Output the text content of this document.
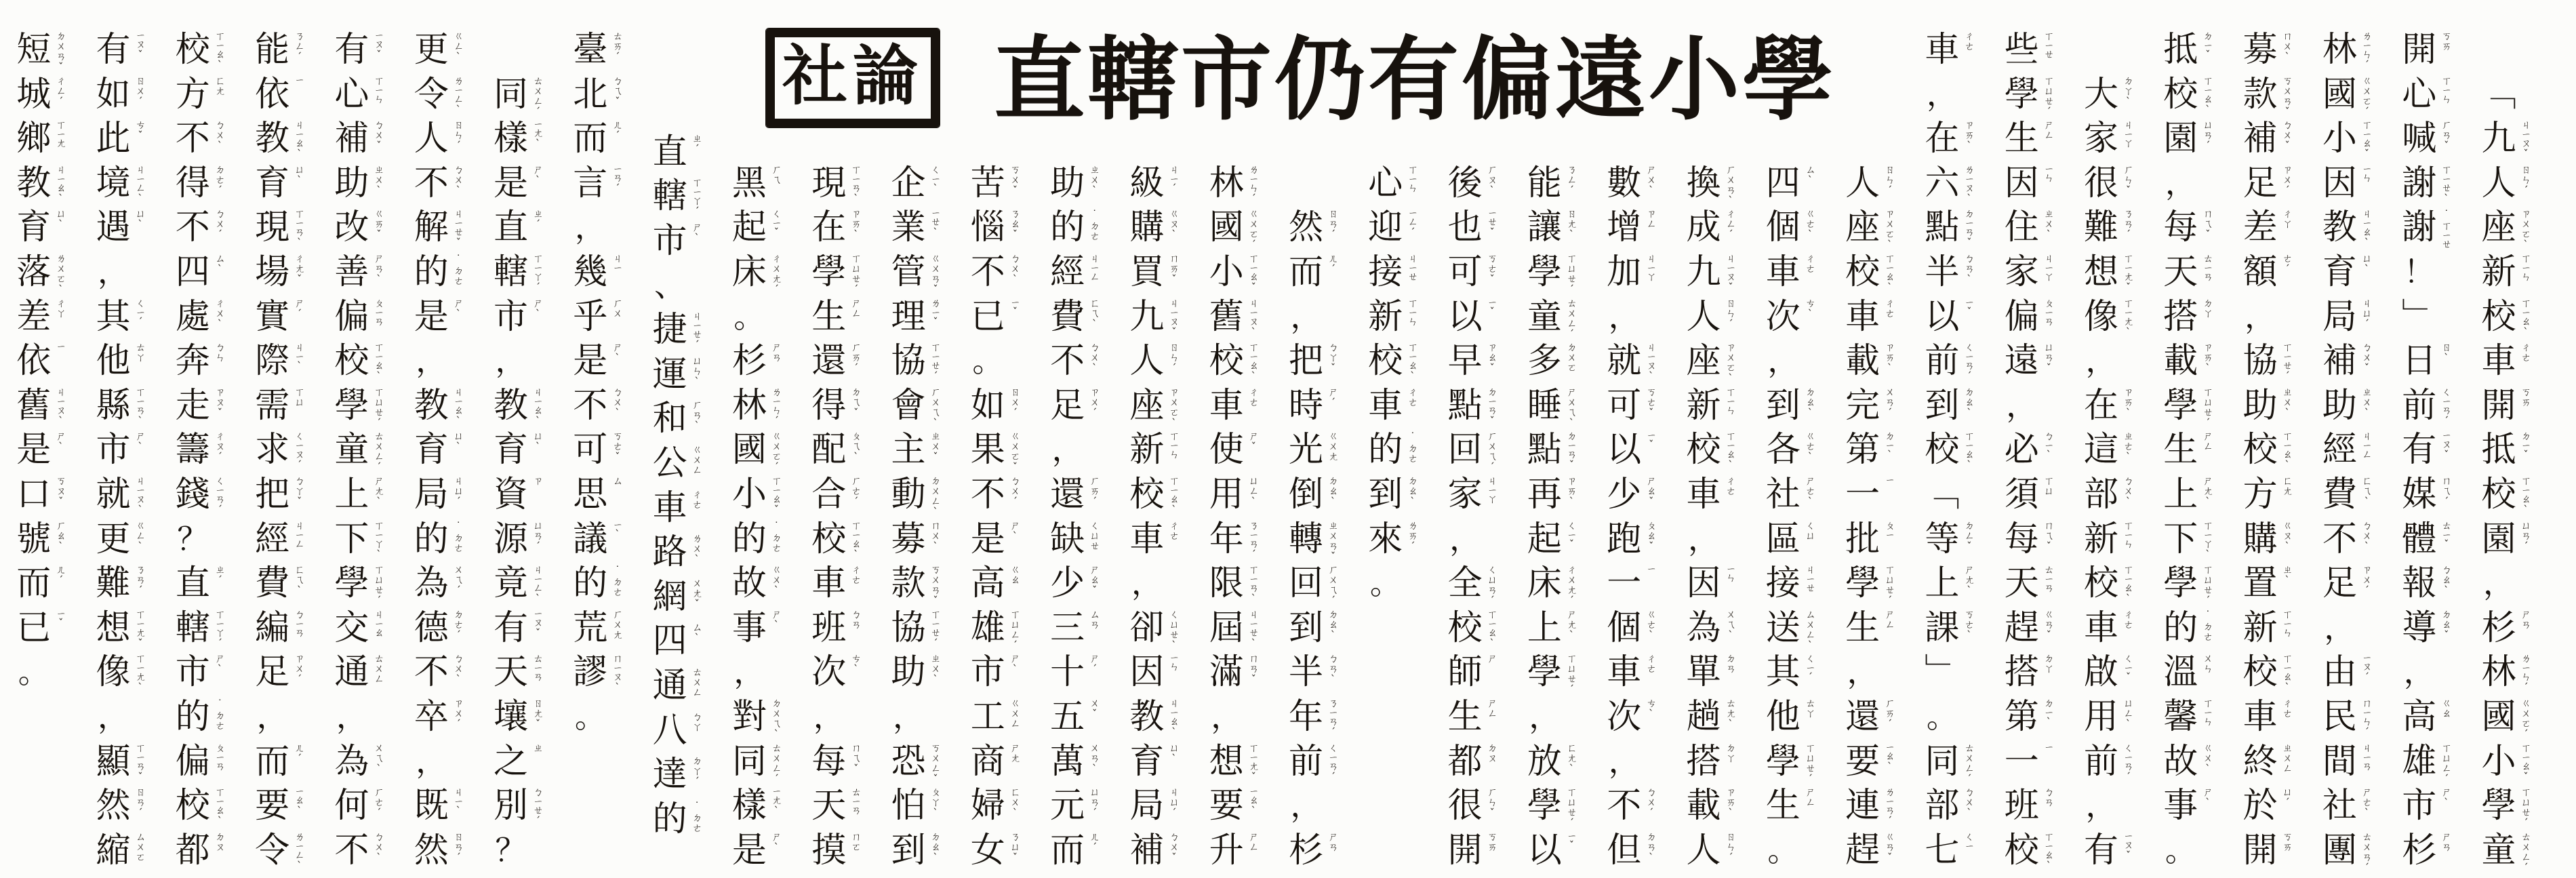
社論 直轄市仍有偏遠小學	﹁
九 ㄐㄧㄡˇ
人 ㄖㄣˊ
座 ㄗㄨㄛˋ
新 ㄒㄧㄣ
校 ㄒㄧㄠˋ
車 ㄔㄜ
開 ㄎㄞ
抵 ㄉㄧˇ
校 ㄒㄧㄠˋ
園 ㄩㄢˊ
，
杉 ㄕㄢ
林 ㄌㄧㄣˊ
國 ㄍㄨㄛˊ
小 ㄒㄧㄠˇ
學 ㄒㄩㄝˊ
童 ㄊㄨㄥˊ
開 ㄎㄞ
心 ㄒㄧㄣ
喊 ㄏㄢˇ
謝 ㄒㄧㄝˋ
謝 ˙ㄒㄧㄝ
！
﹂
日 ㄖˋ
前 ㄑㄧㄢˊ
有 ㄧㄡˇ
媒 ㄇㄟˊ
體 ㄊㄧˇ
報 ㄅㄠˋ
導 ㄉㄠˇ
，
高 ㄍㄠ
雄 ㄒㄩㄥˊ
市 ㄕˋ
杉 ㄕㄢ
林 ㄌㄧㄣˊ
國 ㄍㄨㄛˊ
小 ㄒㄧㄠˇ
因 ㄧㄣ
教 ㄐㄧㄠˋ
育 ㄩˋ
局 ㄐㄩˊ
補 ㄅㄨˇ
助 ㄓㄨˋ
經 ㄐㄧㄥ
費 ㄈㄟˋ
不 ㄅㄨˋ
足 ㄗㄨˊ
，
由 ㄧㄡˊ
民 ㄇㄧㄣˊ
間 ㄐㄧㄢ
社 ㄕㄜˋ
團 ㄊㄨㄢˊ
募 ㄇㄨˋ
款 ㄎㄨㄢˇ
補 ㄅㄨˇ
足 ㄗㄨˊ
差 ㄔㄚ
額 ㄜˊ
，
協 ㄒㄧㄝˊ
助 ㄓㄨˋ
校 ㄒㄧㄠˋ
方 ㄈㄤ
購 ㄍㄡˋ
置 ㄓˋ
新 ㄒㄧㄣ
校 ㄒㄧㄠˋ
車 ㄔㄜ
終 ㄓㄨㄥ
於 ㄩˊ
開 ㄎㄞ
抵 ㄉㄧˇ
校 ㄒㄧㄠˋ
園 ㄩㄢˊ
，
每 ㄇㄟˇ
天 ㄊㄧㄢ
搭 ㄉㄚ
載 ㄗㄞˋ
學 ㄒㄩㄝˊ
生 ㄕㄥ
上 ㄕㄤˋ
下 ㄒㄧㄚˋ
學 ㄒㄩㄝˊ
的 ˙ㄉㄜ
溫 ㄨㄣ
馨 ㄒㄧㄣ
故 ㄍㄨˋ
事 ㄕˋ
。
大 ㄉㄚˋ
家 ㄐㄧㄚ
很 ㄏㄣˇ
難 ㄋㄢˊ
想 ㄒㄧㄤˇ
像 ㄒㄧㄤˋ
，
在 ㄗㄞˋ
這 ㄓㄜˋ
部 ㄅㄨˋ
新 ㄒㄧㄣ
校 ㄒㄧㄠˋ
車 ㄔㄜ
啟 ㄑㄧˇ
用 ㄩㄥˋ
前 ㄑㄧㄢˊ
，
有 ㄧㄡˇ
些 ㄒㄧㄝ
學 ㄒㄩㄝˊ
生 ㄕㄥ
因 ㄧㄣ
住 ㄓㄨˋ
家 ㄐㄧㄚ
偏 ㄆㄧㄢ
遠 ㄩㄢˇ
，
必 ㄅㄧˋ
須 ㄒㄩ
每 ㄇㄟˇ
天 ㄊㄧㄢ
趕 ㄍㄢˇ
搭 ㄉㄚ
第 ㄉㄧˋ
一 ㄧ
班 ㄅㄢ
校 ㄒㄧㄠˋ
車 ㄔㄜ
，
在 ㄗㄞˋ
六 ㄌㄧㄡˋ
點 ㄉㄧㄢˇ
半 ㄅㄢˋ
以 ㄧˇ
前 ㄑㄧㄢˊ
到 ㄉㄠˋ
校 ㄒㄧㄠˋ
﹁
等 ㄉㄥˇ
上 ㄕㄤˋ
課 ㄎㄜˋ
﹂
。
同 ㄊㄨㄥˊ
部 ㄅㄨˋ
七 ㄑㄧ
人 ㄖㄣˊ
座 ㄗㄨㄛˋ
校 ㄒㄧㄠˋ
車 ㄔㄜ
載 ㄗㄞˋ
完 ㄨㄢˊ
第 ㄉㄧˋ
一 ㄧ
批 ㄆㄧ
學 ㄒㄩㄝˊ
生 ㄕㄥ
，
還 ㄏㄞˊ
要 ㄧㄠˋ
連 ㄌㄧㄢˊ
趕 ㄍㄢˇ
四 ㄙˋ
個 ㄍㄜˋ
車 ㄔㄜ
次 ㄘˋ
，
到 ㄉㄠˋ
各 ㄍㄜˋ
社 ㄕㄜˋ
區 ㄑㄩ
接 ㄐㄧㄝ
送 ㄙㄨㄥˋ
其 ㄑㄧˊ
他 ㄊㄚ
學 ㄒㄩㄝˊ
生 ㄕㄥ
。
換 ㄏㄨㄢˋ
成 ㄔㄥˊ
九 ㄐㄧㄡˇ
人 ㄖㄣˊ
座 ㄗㄨㄛˋ
新 ㄒㄧㄣ
校 ㄒㄧㄠˋ
車 ㄔㄜ
，
因 ㄧㄣ
為 ㄨㄟˋ
單 ㄉㄢ
趟 ㄊㄤˋ
搭 ㄉㄚ
載 ㄗㄞˋ
人 ㄖㄣˊ
數 ㄕㄨˋ
增 ㄗㄥ
加 ㄐㄧㄚ
，
就 ㄐㄧㄡˋ
可 ㄎㄜˇ
以 ㄧˇ
少 ㄕㄠˇ
跑 ㄆㄠˇ
一 ㄧ
個 ㄍㄜˋ
車 ㄔㄜ
次 ㄘˋ
，
不 ㄅㄨˊ
但 ㄉㄢˋ
能 ㄋㄥˊ
讓 ㄖㄤˋ
學 ㄒㄩㄝˊ
童 ㄊㄨㄥˊ
多 ㄉㄨㄛ
睡 ㄕㄨㄟˋ
點 ㄉㄧㄢˇ
再 ㄗㄞˋ
起 ㄑㄧˇ
床 ㄔㄨㄤˊ
上 ㄕㄤˋ
學 ㄒㄩㄝˊ
，
放 ㄈㄤˋ
學 ㄒㄩㄝˊ
以 ㄧˇ
後 ㄏㄡˋ
也 ㄧㄝˇ
可 ㄎㄜˇ
以 ㄧˇ
早 ㄗㄠˇ
點 ㄉㄧㄢˇ
回 ㄏㄨㄟˊ
家 ㄐㄧㄚ
，
全 ㄑㄩㄢˊ
校 ㄒㄧㄠˋ
師 ㄕ
生 ㄕㄥ
都 ㄉㄡ
很 ㄏㄣˇ
開 ㄎㄞ
心 ㄒㄧㄣ
迎 ㄧㄥˊ
接 ㄐㄧㄝ
新 ㄒㄧㄣ
校 ㄒㄧㄠˋ
車 ㄔㄜ
的 ˙ㄉㄜ
到 ㄉㄠˋ
來 ㄌㄞˊ
。
然 ㄖㄢˊ
而 ㄦˊ
，
把 ㄅㄚˇ
時 ㄕˊ
光 ㄍㄨㄤ
倒 ㄉㄠˋ
轉 ㄓㄨㄢˇ
回 ㄏㄨㄟˊ
到 ㄉㄠˋ
半 ㄅㄢˋ
年 ㄋㄧㄢˊ
前 ㄑㄧㄢˊ
，
杉 ㄕㄢ
林 ㄌㄧㄣˊ
國 ㄍㄨㄛˊ
小 ㄒㄧㄠˇ
舊 ㄐㄧㄡˋ
校 ㄒㄧㄠˋ
車 ㄔㄜ
使 ㄕˇ
用 ㄩㄥˋ
年 ㄋㄧㄢˊ
限 ㄒㄧㄢˋ
屆 ㄐㄧㄝˋ
滿 ㄇㄢˇ
，
想 ㄒㄧㄤˇ
要 ㄧㄠˋ
升 ㄕㄥ
級 ㄐㄧˊ
購 ㄍㄡˋ
買 ㄇㄞˇ
九 ㄐㄧㄡˇ
人 ㄖㄣˊ
座 ㄗㄨㄛˋ
新 ㄒㄧㄣ
校 ㄒㄧㄠˋ
車 ㄔㄜ
，
卻 ㄑㄩㄝˋ
因 ㄧㄣ
教 ㄐㄧㄠˋ
育 ㄩˋ
局 ㄐㄩˊ
補 ㄅㄨˇ
助 ㄓㄨˋ
的 ˙ㄉㄜ
經 ㄐㄧㄥ
費 ㄈㄟˋ
不 ㄅㄨˋ
足 ㄗㄨˊ
，
還 ㄏㄞˊ
缺 ㄑㄩㄝ
少 ㄕㄠˇ
三 ㄙㄢ
十 ㄕˊ
五 ㄨˇ
萬 ㄨㄢˋ
元 ㄩㄢˊ
而 ㄦˊ
苦 ㄎㄨˇ
惱 ㄋㄠˇ
不 ㄅㄨˋ
已 ㄧˇ
。
如 ㄖㄨˊ
果 ㄍㄨㄛˇ
不 ㄅㄨˊ
是 ㄕˋ
高 ㄍㄠ
雄 ㄒㄩㄥˊ
市 ㄕˋ
工 ㄍㄨㄥ
商 ㄕㄤ
婦 ㄈㄨˋ
女 ㄋㄩˇ
企 ㄑㄧˋ
業 ㄧㄝˋ
管 ㄍㄨㄢˇ
理 ㄌㄧˇ
協 ㄒㄧㄝˊ
會 ㄏㄨㄟˋ
主 ㄓㄨˇ
動 ㄉㄨㄥˋ
募 ㄇㄨˋ
款 ㄎㄨㄢˇ
協 ㄒㄧㄝˊ
助 ㄓㄨˋ
，
恐 ㄎㄨㄥˇ
怕 ㄆㄚˋ
到 ㄉㄠˋ
現 ㄒㄧㄢˋ
在 ㄗㄞˋ
學 ㄒㄩㄝˊ
生 ㄕㄥ
還 ㄏㄞˊ
得 ㄉㄟˇ
配 ㄆㄟˋ
合 ㄏㄜˊ
校 ㄒㄧㄠˋ
車 ㄔㄜ
班 ㄅㄢ
次 ㄘˋ
，
每 ㄇㄟˇ
天 ㄊㄧㄢ
摸 ㄇㄛ
黑 ㄏㄟ
起 ㄑㄧˇ
床 ㄔㄨㄤˊ
。
杉 ㄕㄢ
林 ㄌㄧㄣˊ
國 ㄍㄨㄛˊ
小 ㄒㄧㄠˇ
的 ˙ㄉㄜ
故 ㄍㄨˋ
事 ㄕˋ
，
對 ㄉㄨㄟˋ
同 ㄊㄨㄥˊ
樣 ㄧㄤˋ
是 ㄕˋ
直 ㄓˊ
轄 ㄒㄧㄚˊ
市 ㄕˋ
、
捷 ㄐㄧㄝˊ
運 ㄩㄣˋ
和 ㄏㄢˋ
公 ㄍㄨㄥ
車 ㄔㄜ
路 ㄌㄨˋ
網 ㄨㄤˇ
四 ㄙˋ
通 ㄊㄨㄥ
八 ㄅㄚ
達 ㄉㄚˊ
的 ˙ㄉㄜ
臺 ㄊㄞˊ
北 ㄅㄟˇ
而 ㄦˊ
言 ㄧㄢˊ
，
幾 ㄐㄧ
乎 ㄏㄨ
是 ㄕˋ
不 ㄅㄨˋ
可 ㄎㄜˇ
思 ㄙ
議 ㄧˋ
的 ˙ㄉㄜ
荒 ㄏㄨㄤ
謬 ㄇㄧㄡˋ
。
同 ㄊㄨㄥˊ
樣 ㄧㄤˋ
是 ㄕˋ
直 ㄓˊ
轄 ㄒㄧㄚˊ
市 ㄕˋ
，
教 ㄐㄧㄠˋ
育 ㄩˋ
資 ㄗ
源 ㄩㄢˊ
竟 ㄐㄧㄥˋ
有 ㄧㄡˇ
天 ㄊㄧㄢ
壤 ㄖㄤˇ
之 ㄓ
別 ㄅㄧㄝˊ
？
更 ㄍㄥˋ
令 ㄌㄧㄥˋ
人 ㄖㄣˊ
不 ㄅㄨˋ
解 ㄐㄧㄝˇ
的 ˙ㄉㄜ
是 ㄕˋ
，
教 ㄐㄧㄠˋ
育 ㄩˋ
局 ㄐㄩˊ
的 ˙ㄉㄜ
為 ㄨㄟˊ
德 ㄉㄜˊ
不 ㄅㄨˋ
卒 ㄗㄨˊ
，
既 ㄐㄧˋ
然 ㄖㄢˊ
有 ㄧㄡˇ
心 ㄒㄧㄣ
補 ㄅㄨˇ
助 ㄓㄨˋ
改 ㄍㄞˇ
善 ㄕㄢˋ
偏 ㄆㄧㄢ
校 ㄒㄧㄠˋ
學 ㄒㄩㄝˊ
童 ㄊㄨㄥˊ
上 ㄕㄤˋ
下 ㄒㄧㄚˋ
學 ㄒㄩㄝˊ
交 ㄐㄧㄠ
通 ㄊㄨㄥ
，
為 ㄨㄟˋ
何 ㄏㄜˊ
不 ㄅㄨˋ
能 ㄋㄥˊ
依 ㄧ
教 ㄐㄧㄠˋ
育 ㄩˋ
現 ㄒㄧㄢˋ
場 ㄔㄤˇ
實 ㄕˊ
際 ㄐㄧˋ
需 ㄒㄩ
求 ㄑㄧㄡˊ
把 ㄅㄚˇ
經 ㄐㄧㄥ
費 ㄈㄟˋ
編 ㄅㄧㄢ
足 ㄗㄨˊ
，
而 ㄦˊ
要 ㄧㄠˋ
令 ㄌㄧㄥˋ
校 ㄒㄧㄠˋ
方 ㄈㄤ
不 ㄅㄨˋ
得 ㄉㄜˊ
不 ㄅㄨˊ
四 ㄙˋ
處 ㄔㄨˋ
奔 ㄅㄣ
走 ㄗㄡˇ
籌 ㄔㄡˊ
錢 ㄑㄧㄢˊ
？
直 ㄓˊ
轄 ㄒㄧㄚˊ
市 ㄕˋ
的 ˙ㄉㄜ
偏 ㄆㄧㄢ
校 ㄒㄧㄠˋ
都 ㄉㄡ
有 ㄧㄡˇ
如 ㄖㄨˊ
此 ㄘˇ
境 ㄐㄧㄥˋ
遇 ㄩˋ
，
其 ㄑㄧˊ
他 ㄊㄚ
縣 ㄒㄧㄢˋ
市 ㄕˋ
就 ㄐㄧㄡˋ
更 ㄍㄥˋ
難 ㄋㄢˊ
想 ㄒㄧㄤˇ
像 ㄒㄧㄤˋ
，
顯 ㄒㄧㄢˇ
然 ㄖㄢˊ
縮 ㄙㄨㄛ
短 ㄉㄨㄢˇ
城 ㄔㄥˊ
鄉 ㄒㄧㄤ
教 ㄐㄧㄠˋ
育 ㄩˋ
落 ㄌㄨㄛˋ
差 ㄔㄚ
依 ㄧ
舊 ㄐㄧㄡˋ
是 ㄕˋ
口 ㄎㄡˇ
號 ㄏㄠˋ
而 ㄦˊ
已 ㄧˇ
。
